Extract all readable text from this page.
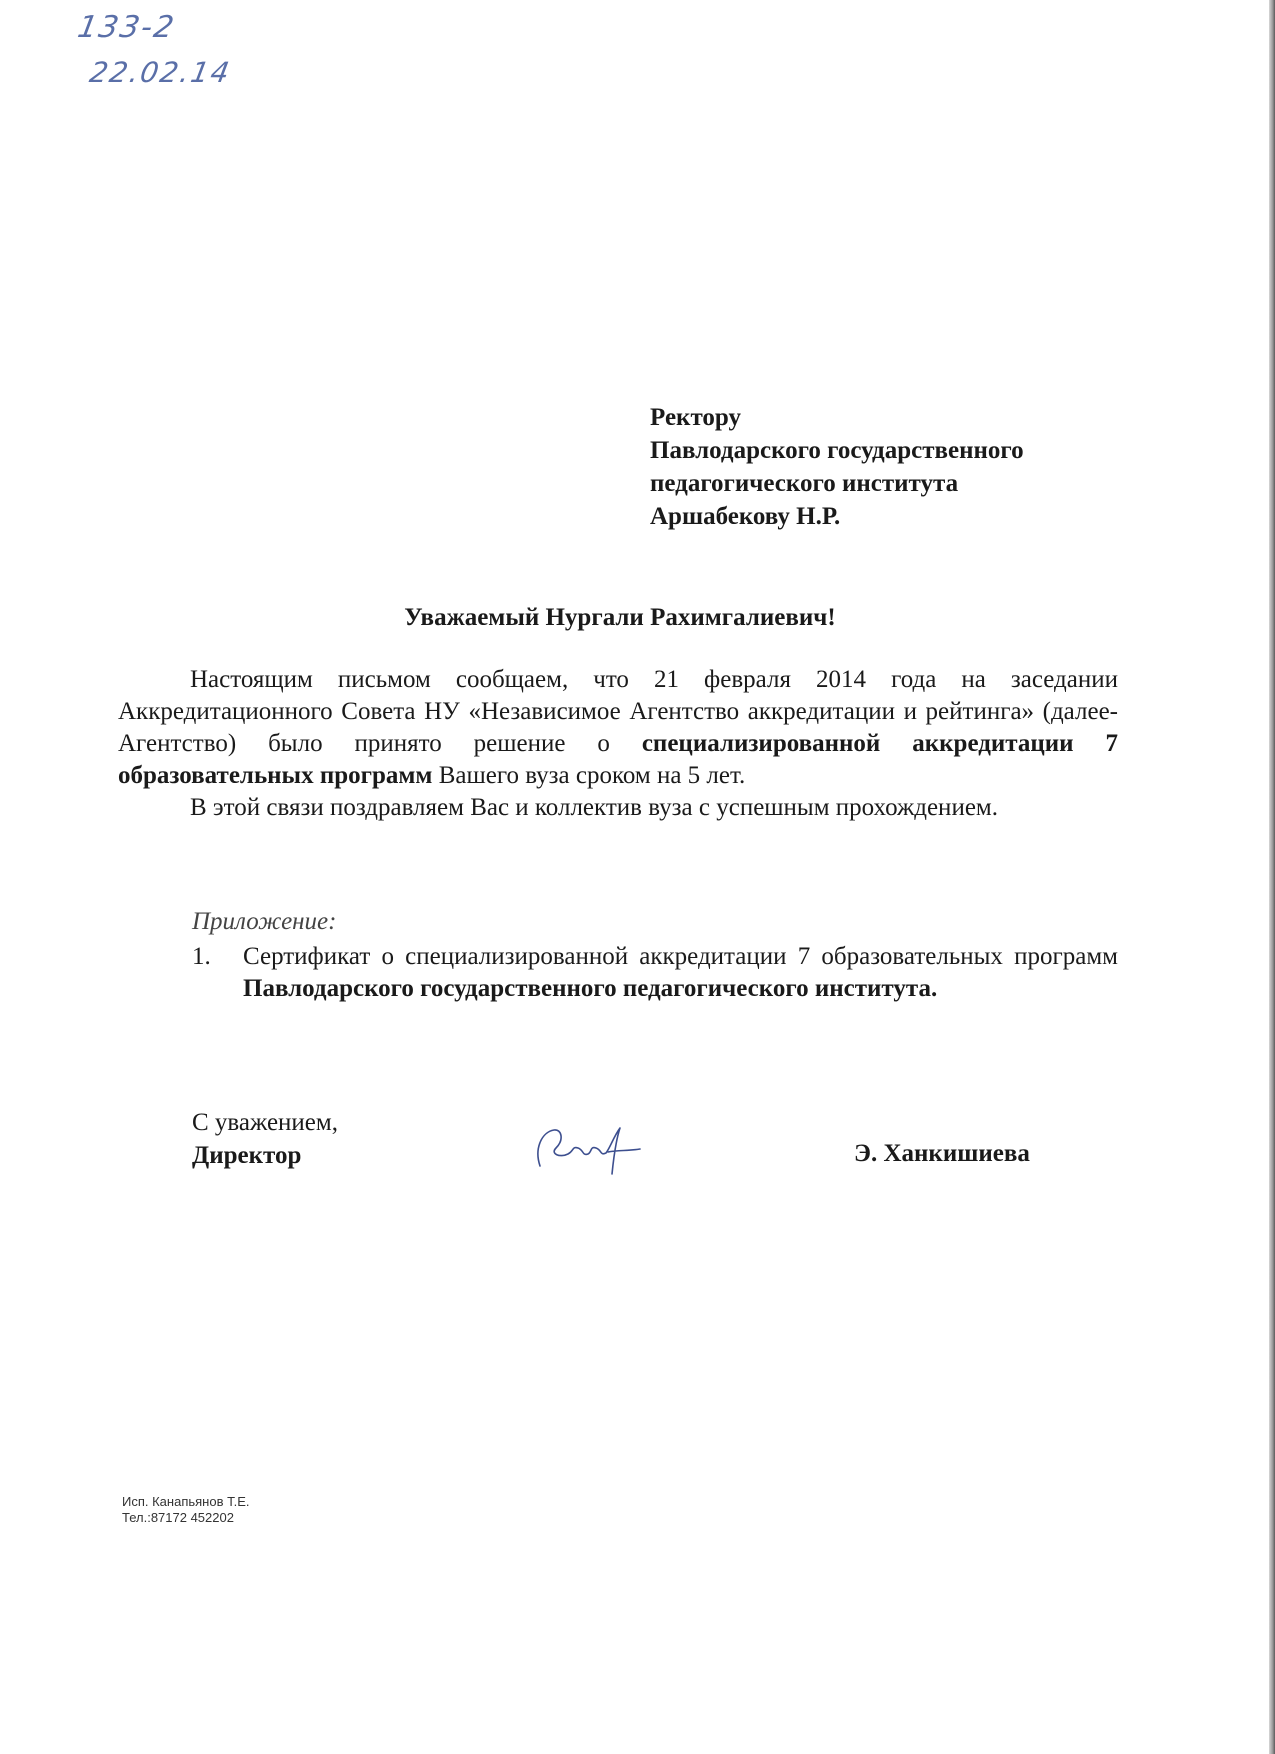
133-2
22.02.14
Ректору
Павлодарского государственного
педагогического института
Аршабекову Н.Р.
Уважаемый Нургали Рахимгалиевич!

Настоящим письмом сообщаем, что 21 февраля 2014 года на заседании Аккредитационного Совета НУ «Независимое Агентство аккредитации и рейтинга» (далее-Агентство) было принято решение о специализированной аккредитации 7 образовательных программ Вашего вуза сроком на 5 лет.

В этой связи поздравляем Вас и коллектив вуза с успешным прохождением.

Приложение:
1. Сертификат о специализированной аккредитации 7 образовательных программ Павлодарского государственного педагогического института.
С уважением,
Директор	Э. Ханкишиева
Исп. Канапьянов Т.Е.
Тел.:87172 452202
